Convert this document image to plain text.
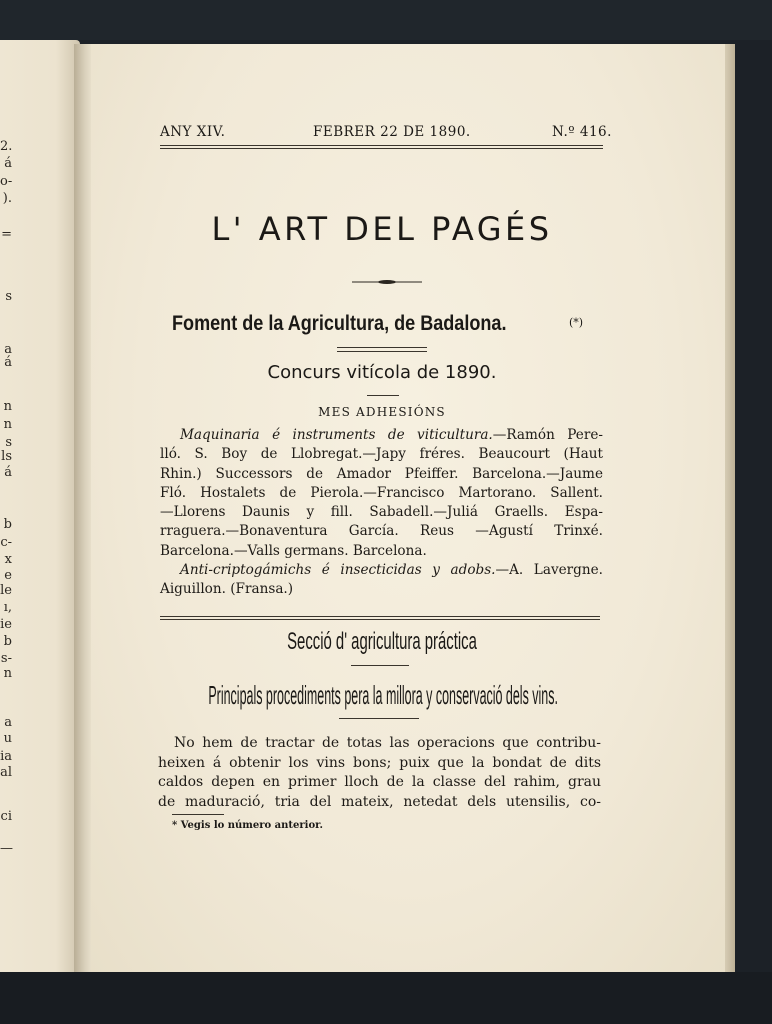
2.
á
o-
).
=
s
a
á
n
n
s
ls
á
b
c-
x
e
le
ı,
ie
b
s-
n
a
u
ia
al
ci
—
ANY XIV.	FEBRER 22 DE 1890.	N.º 416.
L' ART DEL PAGÉS
Foment de la Agricultura, de Badalona.	(*)
Concurs vitícola de 1890.
MES ADHESIÓNS
Maquinaria é instruments de viticultura.—Ramón Pere-
lló. S. Boy de Llobregat.—Japy fréres. Beaucourt (Haut
Rhin.) Successors de Amador Pfeiffer. Barcelona.—Jaume
Fló. Hostalets de Pierola.—Francisco Martorano. Sallent.
—Llorens Daunis y fill. Sabadell.—Juliá Graells. Espa-
rraguera.—Bonaventura García. Reus —Agustí Trinxé.
Barcelona.—Valls germans. Barcelona.
Anti-criptogámichs é insecticidas y adobs.—A. Lavergne.
Aiguillon. (Fransa.)
Secció d' agricultura práctica
Principals procediments pera la millora y conservació dels vins.
No hem de tractar de totas las operacions que contribu-
heixen á obtenir los vins bons; puix que la bondat de dits
caldos depen en primer lloch de la classe del rahim, grau
de maduració, tria del mateix, netedat dels utensilis, co-
* Vegis lo número anterior.
